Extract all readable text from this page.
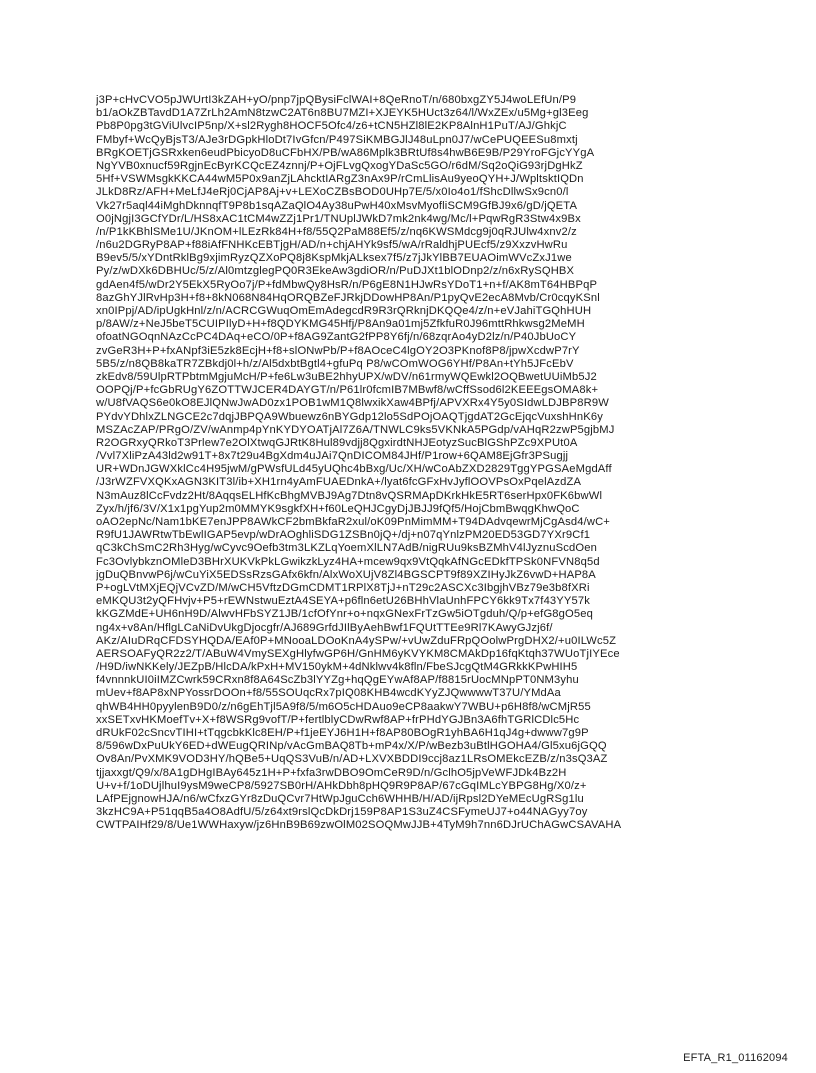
j3P+cHvCVO5pJWUrtI3kZAH+yO/pnp7jpQBysiFclWAI+8QeRnoT/n/680bxgZY5J4woLEfUn/P9
b1/aOkZBTavdD1A7ZrLh2AmN8tzwC2AT6n8BU7MZI+XJEYK5HUct3z64/l/WxZEx/u5Mg+gl3Eeg
Pb8P0pg3tGViUlvcIP5np/X+sl2Rygh8HOCF5Ofc4/z6+tCN5HZl8lE2KP8AlnH1PuT/AJ/GhkjC
FMbyf+WcQyBjsT3/AJe3rDGpkHloDt7IvGfcn/P497SiKMBGJlJ48uLpn0J7/wCePUQEESu8mxtj
BRgKOETjGSRxken6eudPbicyoD8uCFbHX/PB/wA86Mplk3BRtUf8s4hwB6E9B/P29YroFGjcYYgA
NgYVB0xnucf59RgjnEcByrKCQcEZ4znnj/P+OjFLvgQxogYDaSc5GO/r6dM/Sq2oQiG93rjDgHkZ
5Hf+VSWMsgkKKCA44wM5P0x9anZjLAhcktIARgZ3nAx9P/rCmLlisAu9yeoQYH+J/WpltsktIQDn
JLkD8Rz/AFH+MeLfJ4eRj0CjAP8Aj+v+LEXoCZBsBOD0UHp7E/5/x0Io4o1/fShcDllwSx9cn0/l
Vk27r5aql44iMghDknnqfT9P8b1sqAZaQlO4Ay38uPwH40xMsvMyofliSCM9GfBJ9x6/gD/jQETA
O0jNgjI3GCfYDr/L/HS8xAC1tCM4wZZj1Pr1/TNUplJWkD7mk2nk4wg/Mc/l+PqwRgR3Stw4x9Bx
/n/P1kKBhlSMe1U/JKnOM+lLEzRk84H+f8/55Q2PaM88Ef5/z/nq6KWSMdcg9j0qRJUlw4xnv2/z
/n6u2DGRyP8AP+f88iAfFNHKcEBTjgH/AD/n+chjAHYk9sf5/wA/rRaldhjPUEcf5/z9XxzvHwRu
B9ev5/5/xYDntRklBg9xjimRyzQZXoPQ8j8KspMkjALksex7f5/z7jJkYlBB7EUAOimWVcZxJ1we
Py/z/wDXk6DBHUc/5/z/Al0mtzglegPQ0R3EkeAw3gdiOR/n/PuDJXt1blODnp2/z/n6xRySQHBX
gdAen4f5/wDr2Y5EkX5RyOo7j/P+fdMbwQy8HsR/n/P6gE8N1HJwRsYDoT1+n+f/AK8mT64HBPqP
8azGhYJlRvHp3H+f8+8kN068N84HqORQBZeFJRkjDDowHP8An/P1pyQvE2ecA8Mvb/Cr0cqyKSnl
xn0IPpj/AD/ipUgkHnl/z/n/ACRCGWuqOmEmAdegcdR9R3rQRknjDKQQe4/z/n+eVJahiTGQhHUH
p/8AW/z+NeJ5beT5CUIPIlyD+H+f8QDYKMG45Hfj/P8An9a01mj5ZfkfuR0J96mttRhkwsg2MeMH
ofoatNGOqnNAzCcPC4DAq+eCO/0P+f8AG9ZantG2fPP8Y6fj/n/68zqrAo4yD2lz/n/P40JbUoCY
zvGeR3H+P+fxANpf3iE5zk8EcjH+f8+slONwPb/P+f8AOceC4lgOY2O3PKnof8P8/jpwXcdwP7rY
5B5/z/n8QB8kaTR7ZBkdj0l+h/z/Al5dxbtBgtl4+gfuPq P8/wCOmWOG6YHf/P8An+tYh5JFcEbV
zkEdv8/59UlpRTPbtmMgjuMcH/P+fe6Lw3uBE2hhyUPX/wDV/n61rmyWQEwkl2OQBwetUUiMb5J2
OOPQj/P+fcGbRUgY6ZOTTWJCER4DAYGT/n/P61lr0fcmIB7MBwf8/wCffSsod6l2KEEEgsOMA8k+
w/U8fVAQS6e0kO8EJlQNwJwAD0zx1POB1wM1Q8lwxikXaw4BPfj/APVXRx4Y5y0SIdwLDJBP8R9W
PYdvYDhlxZLNGCE2c7dqjJBPQA9Wbuewz6nBYGdp12lo5SdPOjOAQTjgdAT2GcEjqcVuxshHnK6y
MSZAcZAP/PRgO/ZV/wAnmp4pYnKYDYOATjAl7Z6A/TNWLC9ks5VKNkA5PGdp/vAHqR2zwP5gjbMJ
R2OGRxyQRkoT3Prlew7e2OlXtwqGJRtK8Hul89vdjj8QgxirdtNHJEotyzSucBlGShPZc9XPUt0A
/Vvl7XliPzA43ld2w91T+8x7t29u4BgXdm4uJAi7QnDICOM84JHf/P1row+6QAM8EjGfr3PSugjj
UR+WDnJGWXklCc4H95jwM/gPWsfULd45yUQhc4bBxg/Uc/XH/wCoAbZXD2829TggYPGSAeMgdAff
/J3rWZFVXQKxAGN3KIT3l/ib+XH1rn4yAmFUAEDnkA+/lyat6fcGFxHvJyflOOVPsOxPqelAzdZA
N3mAuz8lCcFvdz2Ht/8AqqsELHfKcBhgMVBJ9Ag7Dtn8vQSRMApDKrkHkE5RT6serHpx0FK6bwWl
Zyx/h/jf6/3V/X1x1pgYup2m0MMYK9sgkfXH+f60LeQHJCgyDjJBJJ9fQf5/HojCbmBwqgKhwQoC
oAO2epNc/Nam1bKE7enJPP8AWkCF2bmBkfaR2xul/oK09PnMimMM+T94DAdvqewrMjCgAsd4/wC+
R9fU1JAWRtwTbEwlIGAP5evp/wDrAOghliSDG1ZSBn0jQ+/dj+n07qYnlzPM20ED53GD7YXr9Cf1
qC3kChSmC2Rh3Hyg/wCyvc9Oefb3tm3LKZLqYoemXlLN7AdB/nigRUu9ksBZMhV4lJyznuScdOen
Fc3OvlybkznOMleD3BHrXUKVkPkLGwikzkLyz4HA+mcew9qx9VtQqkAfNGcEDkfTPSk0NFVN8q5d
jgDuQBnvwP6j/wCuYiX5EDSsRzsGAfx6kfn/AlxWoXUjV8Zl4BGSCPT9f89XZIHyJkZ6vwD+HAP8A
P+ogLVtMXjEQjVCvZD/M/wCH5VftzDGmCDMT1RPlX8TjJ+nT29c2ASCXc3IbgjhVBz79e3b8fXRi
eMKQU3t2yQFHvjv+P5+rEWNstwuEztA4SEYA+p6fln6etU26BHhVlaUnhFPCY6kk9Tx7f43YY57k
kKGZMdE+UH6nH9D/AlwvHFbSYZ1JB/1cfOfYnr+o+nqxGNexFrTzGw5iOTgduh/Q/p+efG8gO5eq
ng4x+v8An/HflgLCaNiDvUkgDjocgfr/AJ689GrfdJIlByAehBwf1FQUtTTEe9Rl7KAwyGJzj6f/
AKz/AIuDRqCFDSYHQDA/EAf0P+MNooaLDOoKnA4ySPw/+vUwZduFRpQOolwPrgDHX2/+u0ILWc5Z
AERSOAFyQR2z2/T/ABuW4VmySEXgHlyfwGP6H/GnHM6yKVYKM8CMAkDp16fqKtqh37WUoTjIYEce
/H9D/iwNKKely/JEZpB/HlcDA/kPxH+MV150ykM+4dNklwv4k8fln/FbeSJcgQtM4GRkkKPwHIH5
f4vnnnkUI0iIMZCwrk59CRxn8f8A64ScZb3lYYZg+hqQgEYwAf8AP/f8815rUocMNpPT0NM3yhu
mUev+f8AP8xNPYossrDOOn+f8/55SOUqcRx7pIQ08KHB4wcdKYyZJQwwwwT37U/YMdAa
qhWB4HH0pyylenB9D0/z/n6gEhTjl5A9f8/5/m6O5cHDAuo9eCP8aakwY7WBU+p6H8f8/wCMjR55
xxSETxvHKMoefTv+X+f8WSRg9vofT/P+fertlblyCDwRwf8AP+frPHdYGJBn3A6fhTGRlCDlc5Hc
dRUkF02cSncvTIHI+tTqgcbkKlc8EH/P+f1jeEYJ6H1H+f8AP80BOgR1yhBA6H1qJ4g+dwww7g9P
8/596wDxPuUkY6ED+dWEugQRINp/vAcGmBAQ8Tb+mP4x/X/P/wBezb3uBtlHGOHA4/Gl5xu6jGQQ
Ov8An/PvXMK9VOD3HY/hQBe5+UqQS3VuB/n/AD+LXVXBDDI9ccj8az1LRsOMEkcEZB/z/n3sQ3AZ
tjjaxxgt/Q9/x/8A1gDHgIBAy645z1H+P+fxfa3rwDBO9OmCeR9D/n/GclhO5jpVeWFJDk4Bz2H
U+v+f/1oDUjlhuI9ysM9weCP8/5927SB0rH/AHkDbh8pHQ9R9P8AP/67cGqIMLcYBPG8Hg/X0/z+
LAfPEjgnowHJA/n6/wCfxzGYr8zDuQCvr7HtWpJguCch6WHHB/H/AD/ijRpsl2DYeMEcUgRSg1lu
3kzHC9A+P51qqB5a4O8AdfU/5/z64xt9rslQcDkDrj159P8AP1S3uZ4CSFymeUJ7+o44NAGyy7oy
CWTPAIHf29/8/Ue1WWHaxyw/jz6HnB9B69zwOlM02SOQMwJJB+4TyM9h7nn6DJrUChAGwCSAVAHA
EFTA_R1_01162094
